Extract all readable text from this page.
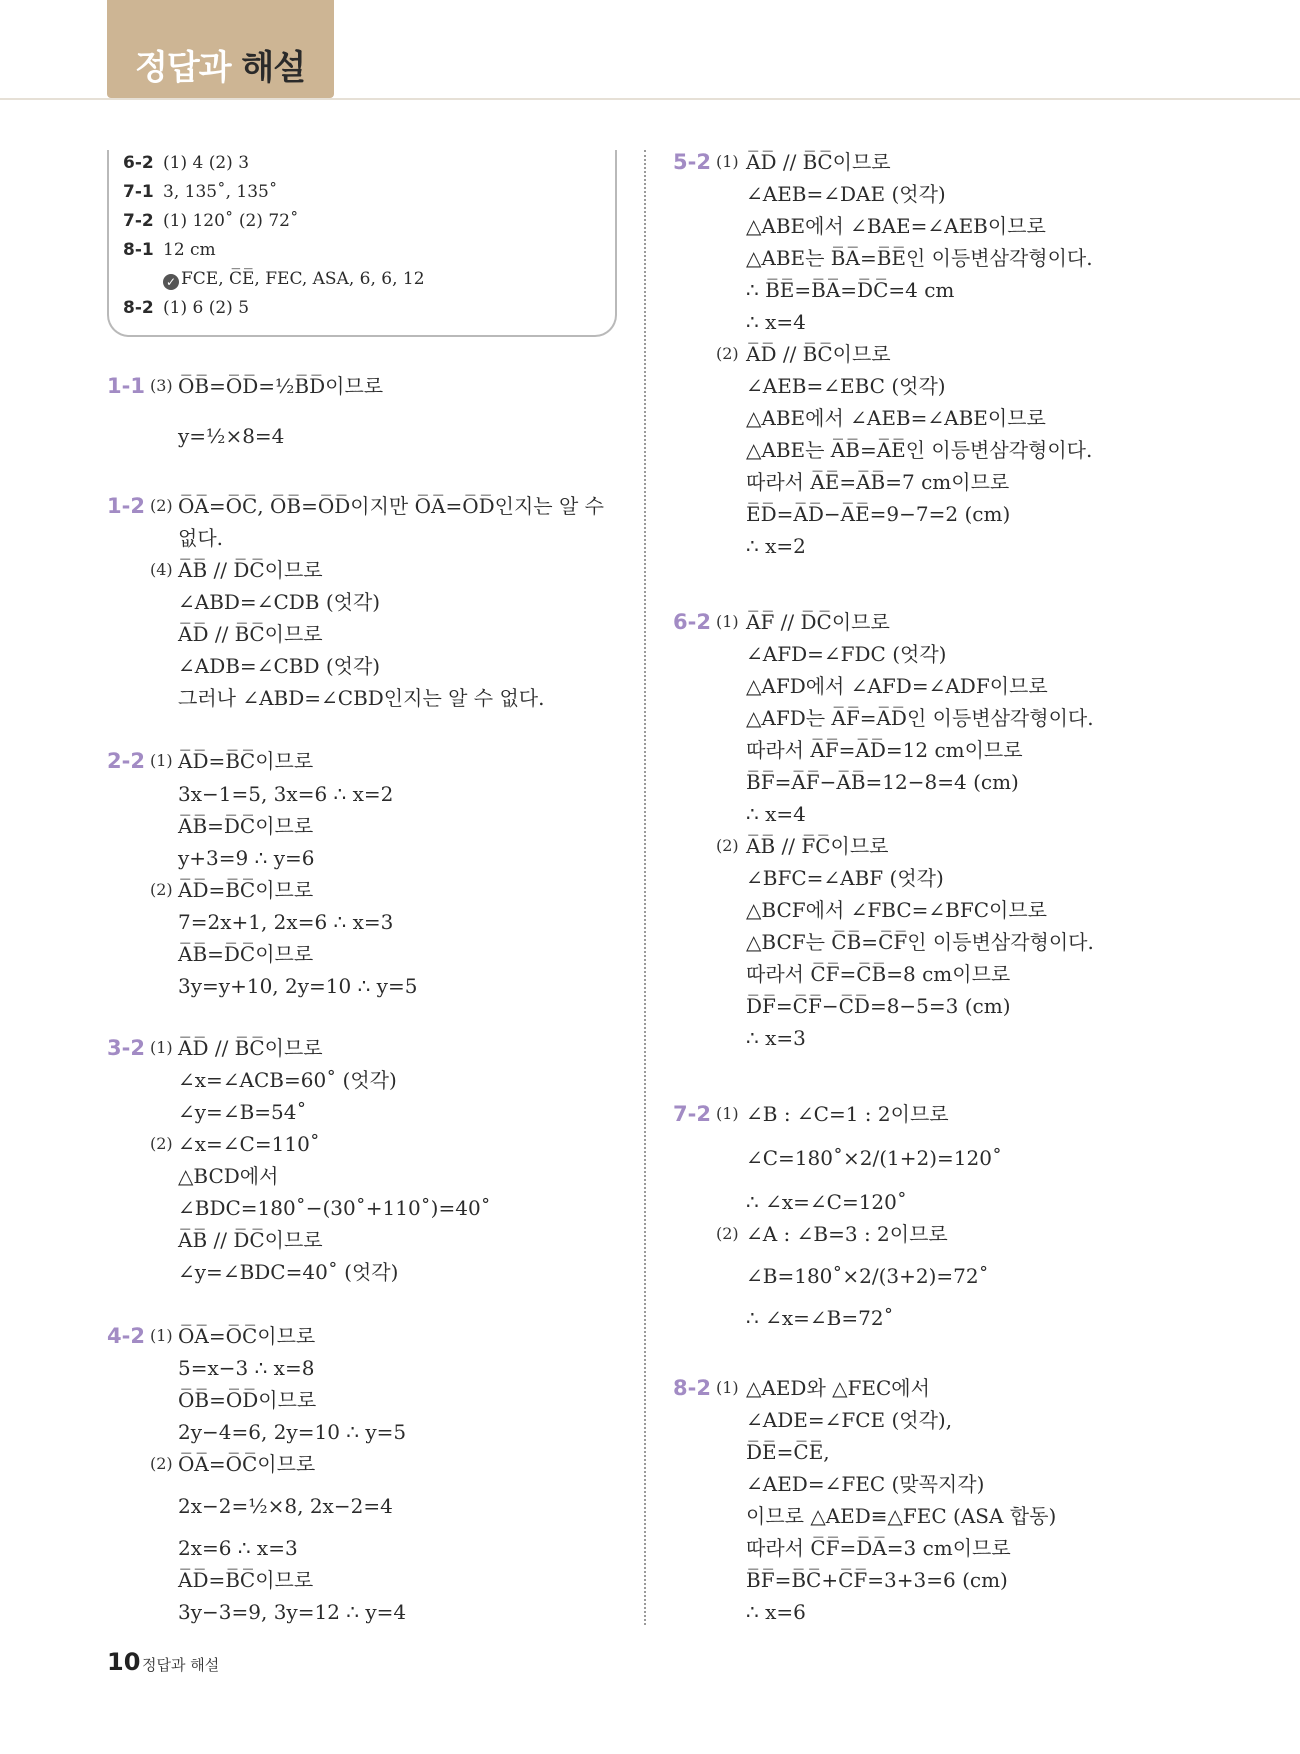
정답과 해설
6-2 (1) 4 (2) 3
7-1 3, 135˚, 135˚
7-2 (1) 120˚ (2) 72˚
8-1 12 cm
✓ FCE, C̅E̅, FEC, ASA, 6, 6, 12
8-2 (1) 6 (2) 5
1-1 (3) O̅B̅=O̅D̅=½B̅D̅이므로
y=½×8=4
1-2 (2) O̅A̅=O̅C̅, O̅B̅=O̅D̅이지만 O̅A̅=O̅D̅인지는 알 수
없다.
(4) A̅B̅ // D̅C̅이므로
∠ABD=∠CDB (엇각)
A̅D̅ // B̅C̅이므로
∠ADB=∠CBD (엇각)
그러나 ∠ABD=∠CBD인지는 알 수 없다.
2-2 (1) A̅D̅=B̅C̅이므로
3x−1=5, 3x=6 ∴ x=2
A̅B̅=D̅C̅이므로
y+3=9 ∴ y=6
(2) A̅D̅=B̅C̅이므로
7=2x+1, 2x=6 ∴ x=3
A̅B̅=D̅C̅이므로
3y=y+10, 2y=10 ∴ y=5
3-2 (1) A̅D̅ // B̅C̅이므로
∠x=∠ACB=60˚ (엇각)
∠y=∠B=54˚
(2) ∠x=∠C=110˚
△BCD에서
∠BDC=180˚−(30˚+110˚)=40˚
A̅B̅ // D̅C̅이므로
∠y=∠BDC=40˚ (엇각)
4-2 (1) O̅A̅=O̅C̅이므로
5=x−3 ∴ x=8
O̅B̅=O̅D̅이므로
2y−4=6, 2y=10 ∴ y=5
(2) O̅A̅=O̅C̅이므로
2x−2=½×8, 2x−2=4
2x=6 ∴ x=3
A̅D̅=B̅C̅이므로
3y−3=9, 3y=12 ∴ y=4
5-2 (1) A̅D̅ // B̅C̅이므로
∠AEB=∠DAE (엇각)
△ABE에서 ∠BAE=∠AEB이므로
△ABE는 B̅A̅=B̅E̅인 이등변삼각형이다.
∴ B̅E̅=B̅A̅=D̅C̅=4 cm
∴ x=4
(2) A̅D̅ // B̅C̅이므로
∠AEB=∠EBC (엇각)
△ABE에서 ∠AEB=∠ABE이므로
△ABE는 A̅B̅=A̅E̅인 이등변삼각형이다.
따라서 A̅E̅=A̅B̅=7 cm이므로
E̅D̅=A̅D̅−A̅E̅=9−7=2 (cm)
∴ x=2
6-2 (1) A̅F̅ // D̅C̅이므로
∠AFD=∠FDC (엇각)
△AFD에서 ∠AFD=∠ADF이므로
△AFD는 A̅F̅=A̅D̅인 이등변삼각형이다.
따라서 A̅F̅=A̅D̅=12 cm이므로
B̅F̅=A̅F̅−A̅B̅=12−8=4 (cm)
∴ x=4
(2) A̅B̅ // F̅C̅이므로
∠BFC=∠ABF (엇각)
△BCF에서 ∠FBC=∠BFC이므로
△BCF는 C̅B̅=C̅F̅인 이등변삼각형이다.
따라서 C̅F̅=C̅B̅=8 cm이므로
D̅F̅=C̅F̅−C̅D̅=8−5=3 (cm)
∴ x=3
7-2 (1) ∠B : ∠C=1 : 2이므로
∠C=180˚×2/(1+2)=120˚
∴ ∠x=∠C=120˚
(2) ∠A : ∠B=3 : 2이므로
∠B=180˚×2/(3+2)=72˚
∴ ∠x=∠B=72˚
8-2 (1) △AED와 △FEC에서
∠ADE=∠FCE (엇각),
D̅E̅=C̅E̅,
∠AED=∠FEC (맞꼭지각)
이므로 △AED≡△FEC (ASA 합동)
따라서 C̅F̅=D̅A̅=3 cm이므로
B̅F̅=B̅C̅+C̅F̅=3+3=6 (cm)
∴ x=6
10 정답과 해설
